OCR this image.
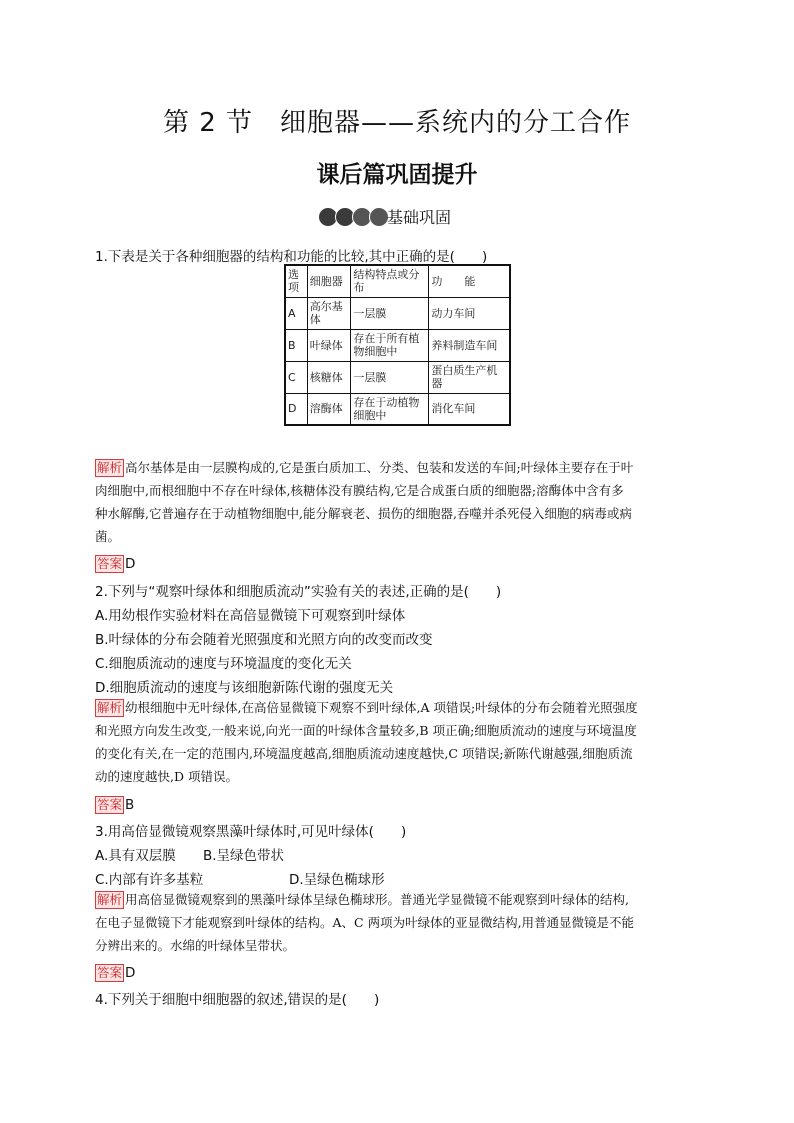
第 2 节　细胞器——系统内的分工合作
课后篇巩固提升
基础巩固
1.下表是关于各种细胞器的结构和功能的比较,其中正确的是(　　)
选项	细胞器	结构特点或分布	功　　能
A	高尔基体	一层膜	动力车间
B	叶绿体	存在于所有植物细胞中	养料制造车间
C	核糖体	一层膜	蛋白质生产机器
D	溶酶体	存在于动植物细胞中	消化车间
解析 高尔基体是由一层膜构成的,它是蛋白质加工、分类、包装和发送的车间;叶绿体主要存在于叶
肉细胞中,而根细胞中不存在叶绿体,核糖体没有膜结构,它是合成蛋白质的细胞器;溶酶体中含有多
种水解酶,它普遍存在于动植物细胞中,能分解衰老、损伤的细胞器,吞噬并杀死侵入细胞的病毒或病
菌。
答案 D
2.下列与“观察叶绿体和细胞质流动”实验有关的表述,正确的是(　　)
A.用幼根作实验材料在高倍显微镜下可观察到叶绿体
B.叶绿体的分布会随着光照强度和光照方向的改变而改变
C.细胞质流动的速度与环境温度的变化无关
D.细胞质流动的速度与该细胞新陈代谢的强度无关
解析 幼根细胞中无叶绿体,在高倍显微镜下观察不到叶绿体,A 项错误;叶绿体的分布会随着光照强度
和光照方向发生改变,一般来说,向光一面的叶绿体含量较多,B 项正确;细胞质流动的速度与环境温度
的变化有关,在一定的范围内,环境温度越高,细胞质流动速度越快,C 项错误;新陈代谢越强,细胞质流
动的速度越快,D 项错误。
答案 B
3.用高倍显微镜观察黑藻叶绿体时,可见叶绿体(　　)
A.具有双层膜 B.呈绿色带状
C.内部有许多基粒	D.呈绿色椭球形
解析 用高倍显微镜观察到的黑藻叶绿体呈绿色椭球形。普通光学显微镜不能观察到叶绿体的结构,
在电子显微镜下才能观察到叶绿体的结构。A、C 两项为叶绿体的亚显微结构,用普通显微镜是不能
分辨出来的。水绵的叶绿体呈带状。
答案 D
4.下列关于细胞中细胞器的叙述,错误的是(　　)
